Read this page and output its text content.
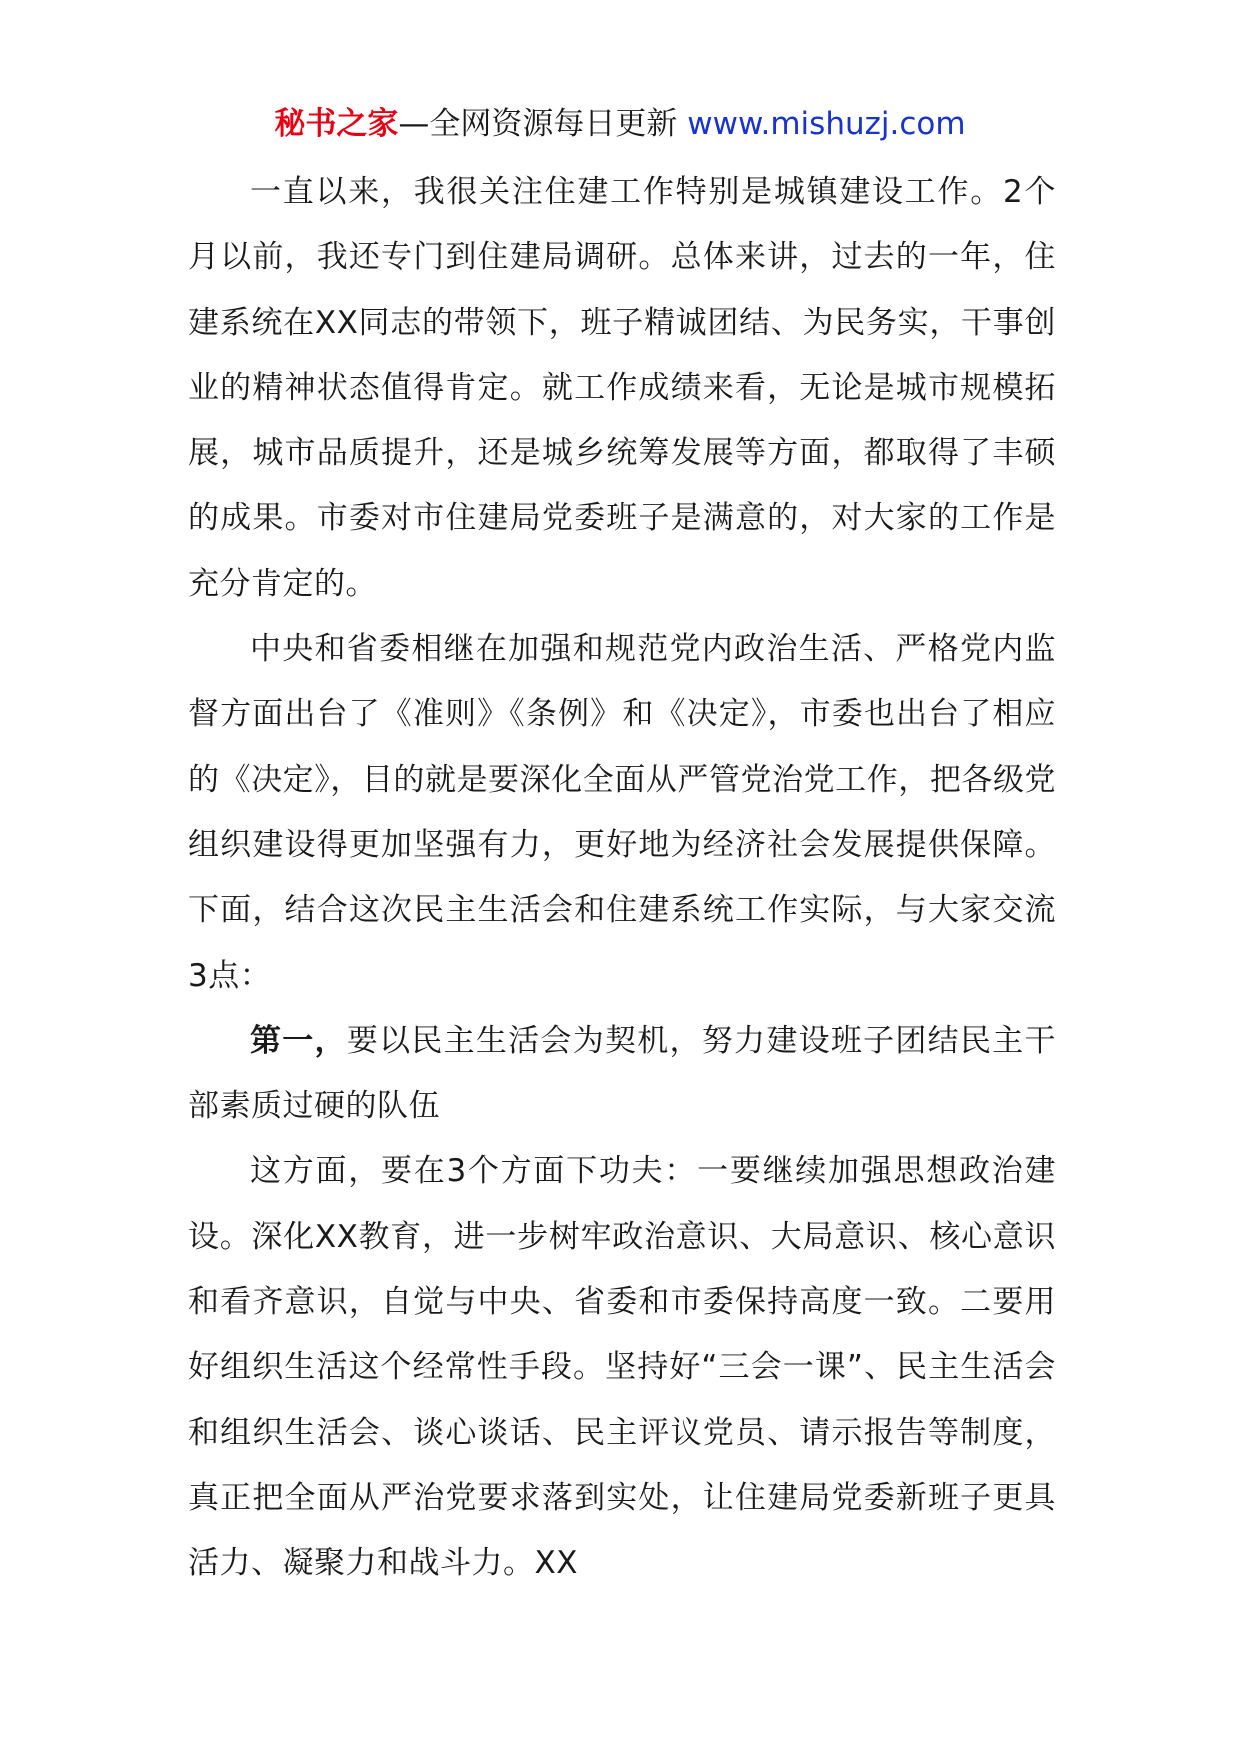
秘书之家—全网资源每日更新 www.mishuzj.com

一直以来，我很关注住建工作特别是城镇建设工作。2个月以前，我还专门到住建局调研。总体来讲，过去的一年，住建系统在XX同志的带领下，班子精诚团结、为民务实，干事创业的精神状态值得肯定。就工作成绩来看，无论是城市规模拓展，城市品质提升，还是城乡统筹发展等方面，都取得了丰硕的成果。市委对市住建局党委班子是满意的，对大家的工作是充分肯定的。

中央和省委相继在加强和规范党内政治生活、严格党内监督方面出台了《准则》《条例》和《决定》，市委也出台了相应的《决定》，目的就是要深化全面从严管党治党工作，把各级党组织建设得更加坚强有力，更好地为经济社会发展提供保障。下面，结合这次民主生活会和住建系统工作实际，与大家交流3点：

第一，要以民主生活会为契机，努力建设班子团结民主干部素质过硬的队伍

这方面，要在3个方面下功夫：一要继续加强思想政治建设。深化XX教育，进一步树牢政治意识、大局意识、核心意识和看齐意识，自觉与中央、省委和市委保持高度一致。二要用好组织生活这个经常性手段。坚持好“三会一课”、民主生活会和组织生活会、谈心谈话、民主评议党员、请示报告等制度，真正把全面从严治党要求落到实处，让住建局党委新班子更具活力、凝聚力和战斗力。XX
